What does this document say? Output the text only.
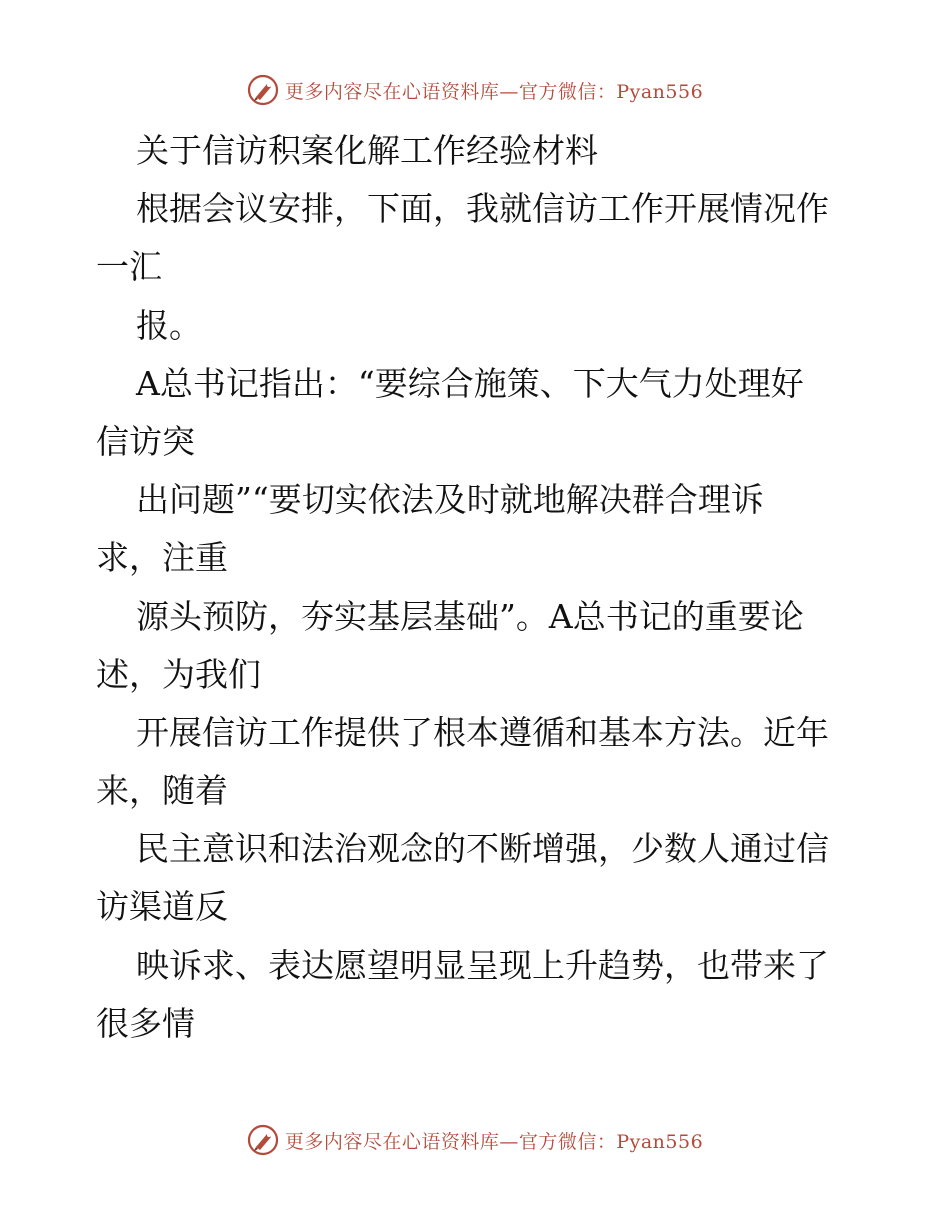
更多内容尽在心语资料库—官方微信：Pyan556
关于信访积案化解工作经验材料
根据会议安排，下面，我就信访工作开展情况作
一汇
报。
A总书记指出：“要综合施策、下大气力处理好
信访突
出问题”“要切实依法及时就地解决群合理诉
求，注重
源头预防，夯实基层基础”。A总书记的重要论
述，为我们
开展信访工作提供了根本遵循和基本方法。近年
来，随着
民主意识和法治观念的不断增强，少数人通过信
访渠道反
映诉求、表达愿望明显呈现上升趋势，也带来了
很多情
更多内容尽在心语资料库—官方微信：Pyan556
